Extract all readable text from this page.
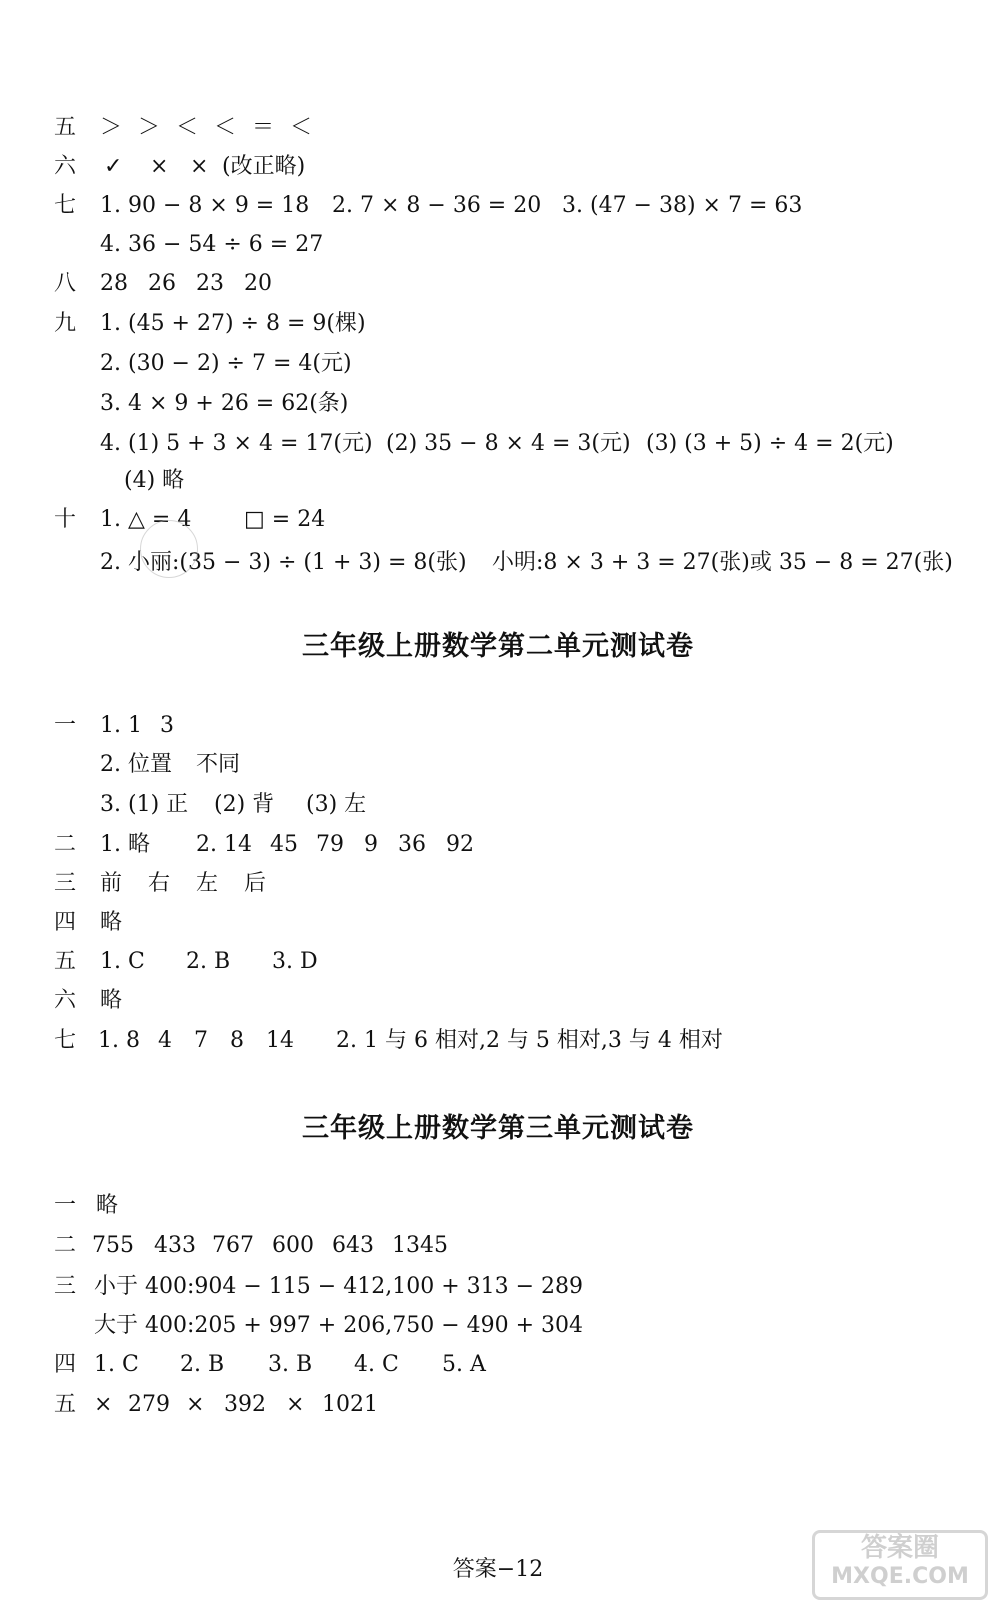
五 ＞ ＞ ＜ ＜ ＝ ＜
六 ✓ × × (改正略)
七 1. 90 − 8 × 9 = 18 2. 7 × 8 − 36 = 20 3. (47 − 38) × 7 = 63
4. 36 − 54 ÷ 6 = 27
八 28 26 23 20
九 1. (45 + 27) ÷ 8 = 9(棵)
2. (30 − 2) ÷ 7 = 4(元)
3. 4 × 9 + 26 = 62(条)
4. (1) 5 + 3 × 4 = 17(元) (2) 35 − 8 × 4 = 3(元) (3) (3 + 5) ÷ 4 = 2(元)
(4) 略
十 1. △ = 4 □ = 24
2. 小丽:(35 − 3) ÷ (1 + 3) = 8(张) 小明:8 × 3 + 3 = 27(张)或 35 − 8 = 27(张)
三年级上册数学第二单元测试卷
一 1. 1 3
2. 位置 不同
3. (1) 正 (2) 背 (3) 左
二 1. 略 2. 14 45 79 9 36 92
三 前 右 左 后
四 略
五 1. C 2. B 3. D
六 略
七 1. 8 4 7 8 14 2. 1 与 6 相对,2 与 5 相对,3 与 4 相对
三年级上册数学第三单元测试卷
一 略
二 755 433 767 600 643 1345
三 小于 400:904 − 115 − 412,100 + 313 − 289
大于 400:205 + 997 + 206,750 − 490 + 304
四 1. C 2. B 3. B 4. C 5. A
五 × 279 × 392 × 1021
答案−12
答案圈
MXQE.COM
